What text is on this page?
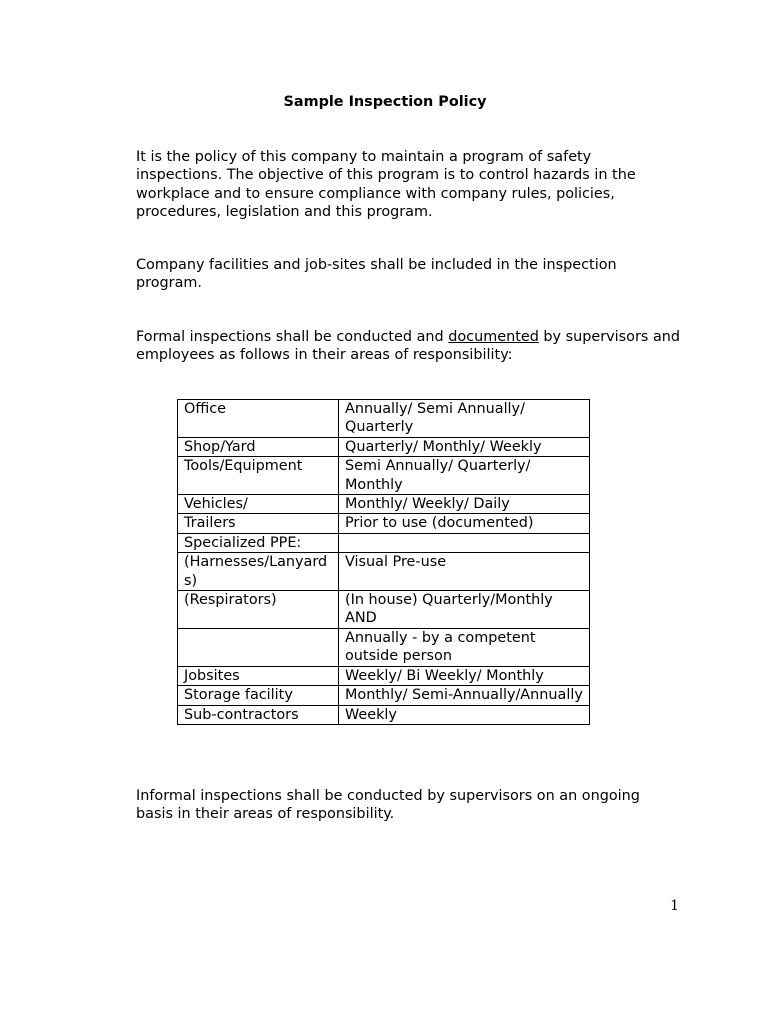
Sample Inspection Policy

It is the policy of this company to maintain a program of safety inspections. The objective of this program is to control hazards in the workplace and to ensure compliance with company rules, policies, procedures, legislation and this program.

Company facilities and job-sites shall be included in the inspection program.

Formal inspections shall be conducted and documented by supervisors and employees as follows in their areas of responsibility:

Office	Annually/ Semi Annually/ Quarterly
Shop/Yard	Quarterly/ Monthly/ Weekly
Tools/Equipment	Semi Annually/ Quarterly/ Monthly
Vehicles/	Monthly/ Weekly/ Daily
Trailers	Prior to use (documented)
Specialized PPE:	
(Harnesses/Lanyards)	Visual Pre-use
(Respirators)	(In house) Quarterly/Monthly AND
	Annually - by a competent outside person
Jobsites	Weekly/ Bi Weekly/ Monthly
Storage facility	Monthly/ Semi-Annually/Annually
Sub-contractors	Weekly

Informal inspections shall be conducted by supervisors on an ongoing basis in their areas of responsibility.

1
